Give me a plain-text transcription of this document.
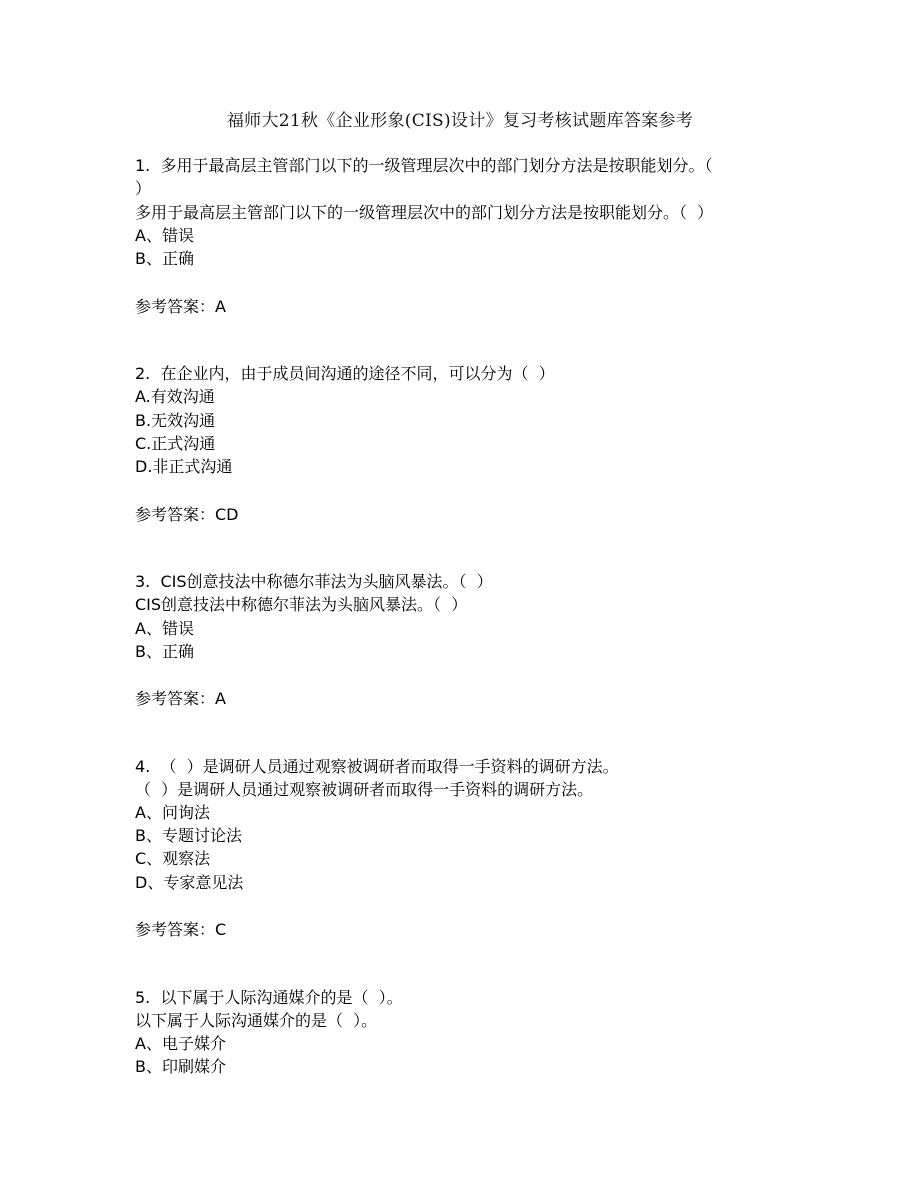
福师大21秋《企业形象(CIS)设计》复习考核试题库答案参考
1.  多用于最高层主管部门以下的一级管理层次中的部门划分方法是按职能划分。（
）
多用于最高层主管部门以下的一级管理层次中的部门划分方法是按职能划分。（  ）
A、错误
B、正确
参考答案：A
2.  在企业内，由于成员间沟通的途径不同，可以分为（  ）
A.有效沟通
B.无效沟通
C.正式沟通
D.非正式沟通
参考答案：CD
3.  CIS创意技法中称德尔菲法为头脑风暴法。（  ）
CIS创意技法中称德尔菲法为头脑风暴法。（  ）
A、错误
B、正确
参考答案：A
4.  （  ）是调研人员通过观察被调研者而取得一手资料的调研方法。
（  ）是调研人员通过观察被调研者而取得一手资料的调研方法。
A、问询法
B、专题讨论法
C、观察法
D、专家意见法
参考答案：C
5.  以下属于人际沟通媒介的是（  ）。
以下属于人际沟通媒介的是（  ）。
A、电子媒介
B、印刷媒介
